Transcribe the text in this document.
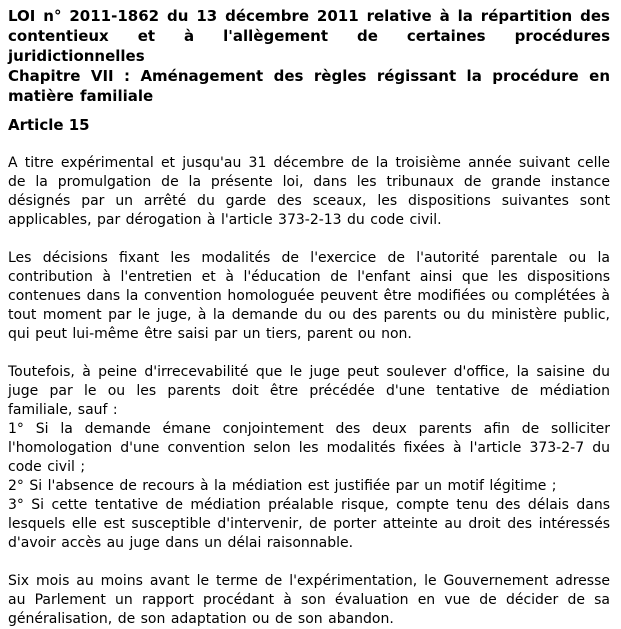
LOI n° 2011-1862 du 13 décembre 2011 relative à la répartition des contentieux et à l'allègement de certaines procédures juridictionnelles

Chapitre VII : Aménagement des règles régissant la procédure en matière familiale

Article 15

A titre expérimental et jusqu'au 31 décembre de la troisième année suivant celle de la promulgation de la présente loi, dans les tribunaux de grande instance désignés par un arrêté du garde des sceaux, les dispositions suivantes sont applicables, par dérogation à l'article 373-2-13 du code civil.

Les décisions fixant les modalités de l'exercice de l'autorité parentale ou la contribution à l'entretien et à l'éducation de l'enfant ainsi que les dispositions contenues dans la convention homologuée peuvent être modifiées ou complétées à tout moment par le juge, à la demande du ou des parents ou du ministère public, qui peut lui-même être saisi par un tiers, parent ou non.

Toutefois, à peine d'irrecevabilité que le juge peut soulever d'office, la saisine du juge par le ou les parents doit être précédée d'une tentative de médiation familiale, sauf :

1° Si la demande émane conjointement des deux parents afin de solliciter l'homologation d'une convention selon les modalités fixées à l'article 373-2-7 du code civil ;

2° Si l'absence de recours à la médiation est justifiée par un motif légitime ;

3° Si cette tentative de médiation préalable risque, compte tenu des délais dans lesquels elle est susceptible d'intervenir, de porter atteinte au droit des intéressés d'avoir accès au juge dans un délai raisonnable.

Six mois au moins avant le terme de l'expérimentation, le Gouvernement adresse au Parlement un rapport procédant à son évaluation en vue de décider de sa généralisation, de son adaptation ou de son abandon.
